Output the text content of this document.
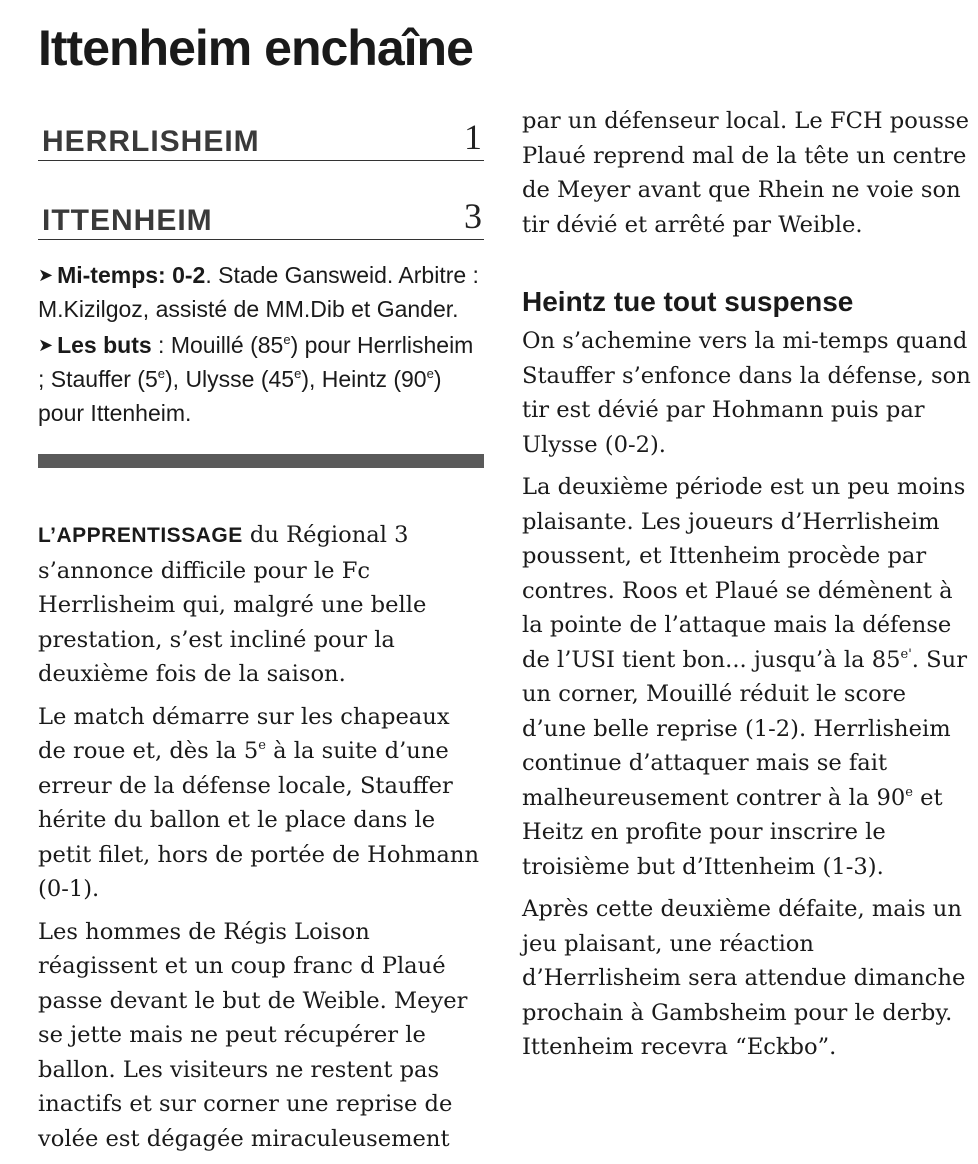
Ittenheim enchaîne
HERRLISHEIM	1
ITTENHEIM	3

➤ Mi-temps: 0-2. Stade Gansweid. Arbitre : M.Kizilgoz, assisté de MM.Dib et Gander.

➤ Les buts : Mouillé (85e) pour Herrlisheim ; Stauffer (5e), Ulysse (45e), Heintz (90e) pour Ittenheim.

L’APPRENTISSAGE du Régional 3 s’annonce difficile pour le Fc Herrlisheim qui, malgré une belle prestation, s’est incliné pour la deuxième fois de la saison.

Le match démarre sur les chapeaux de roue et, dès la 5e à la suite d’une erreur de la défense locale, Stauffer hérite du ballon et le place dans le petit filet, hors de portée de Hohmann (0-1).

Les hommes de Régis Loison réagissent et un coup franc d Plaué passe devant le but de Weible. Meyer se jette mais ne peut récupérer le ballon. Les visiteurs ne restent pas inactifs et sur corner une reprise de volée est dégagée miraculeusement

par un défenseur local. Le FCH pousse Plaué reprend mal de la tête un centre de Meyer avant que Rhein ne voie son tir dévié et arrêté par Weible.

Heintz tue tout suspense

On s’achemine vers la mi-temps quand Stauffer s’enfonce dans la défense, son tir est dévié par Hohmann puis par Ulysse (0-2).

La deuxième période est un peu moins plaisante. Les joueurs d’Herrlisheim poussent, et Ittenheim procède par contres. Roos et Plaué se démènent à la pointe de l’attaque mais la défense de l’USI tient bon... jusqu’à la $85^{e'}$. Sur un corner, Mouillé réduit le score d’une belle reprise (1-2). Herrlisheim continue d’attaquer mais se fait malheureusement contrer à la 90e et Heitz en profite pour inscrire le troisième but d’Ittenheim (1-3).

Après cette deuxième défaite, mais un jeu plaisant, une réaction d’Herrlisheim sera attendue dimanche prochain à Gambsheim pour le derby. Ittenheim recevra “Eckbo”.
